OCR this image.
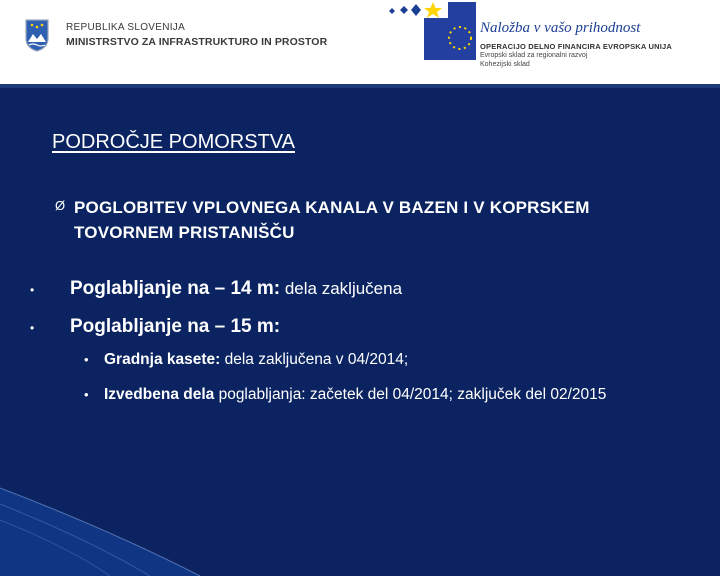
REPUBLIKA SLOVENIJA
MINISTRSTVO ZA INFRASTRUKTURO IN PROSTOR
Naložba v vašo prihodnost
OPERACIJO DELNO FINANCIRA EVROPSKA UNIJA
Evropski sklad za regionalni razvoj
Kohezijski sklad
PODROČJE POMORSTVA
Ø POGLOBITEV VPLOVNEGA KANALA V BAZEN I V KOPRSKEM TOVORNEM PRISTANIŠČU
• Poglabljanje na – 14 m: dela zaključena
• Poglabljanje na – 15 m:
• Gradnja kasete: dela zaključena v 04/2014;
• Izvedbena dela poglabljanja: začetek del 04/2014; zaključek del 02/2015
